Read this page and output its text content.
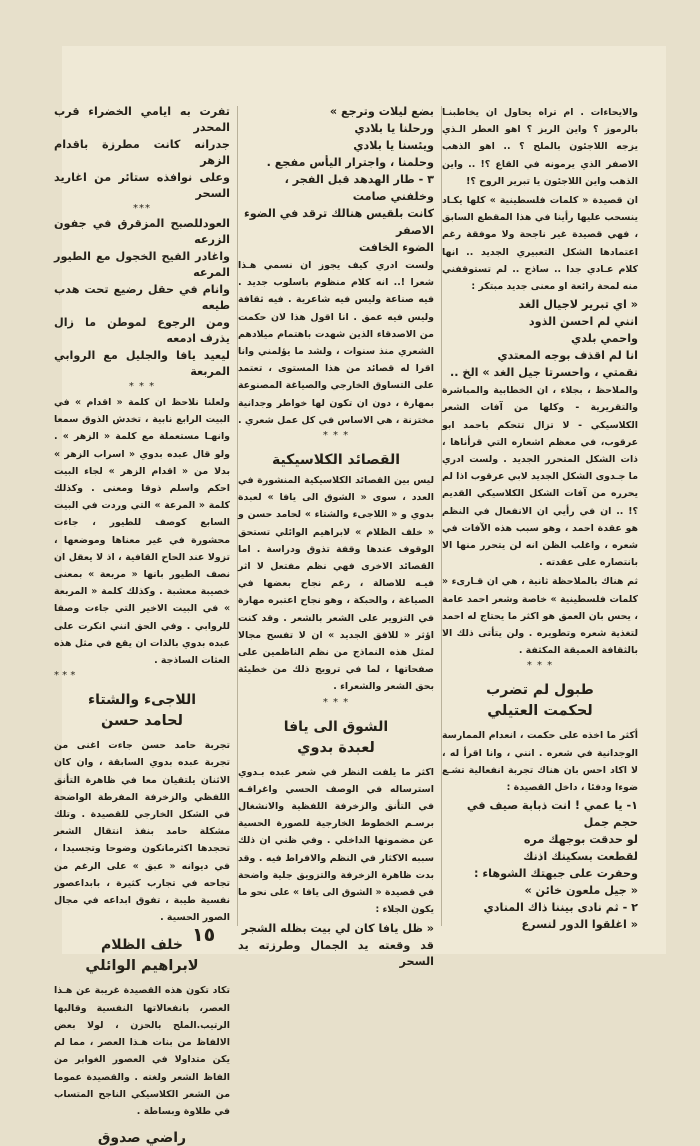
والايحاءات . ام تراه يحاول ان يخاطبنـا بالرموز ؟ واين الريز ؟ اهو العطر الـذي يزجه اللاجئون بالملح ؟ .. اهو الذهب الاصفر الذي يرمونه في القاع ؟! .. واين الذهب واين اللاجئون يا تبرير الروح ؟!

ان قصيدة « كلمات فلسطينية » كلها يكـاد ينسحب عليها رأينا في هذا المقطع السابق ، فهي قصيدة غير ناجحة ولا موفقة رغم اعتمادها الشكل التعبيري الجديد .. انها كلام عـادي جدا .. ساذج .. لم تستوقفني منه لمحة رائعة او معنى جديد مبتكر :

« اي تبرير لاجيال الغد
انني لم احسن الذود
واحمي بلدي
انا لم اقذف بوجه المعتدي
نقمتي ، واحسرتا جيل الغد » الخ ..

والملاحظ ، بجلاء ، ان الخطابية والمباشرة والتقريرية - وكلها من آفات الشعر الكلاسيكي - لا تزال تتحكم باحمد ابو عرقوب، في معظم اشعاره التي قرأناها ، ذات الشكل المتحرر الجديد . ولست ادري ما جـدوى الشكل الجديد لابي عرقوب اذا لم يحرره من آفات الشكل الكلاسيكي القديم ؟! .. ان في رأيي ان الانفعال في النظم هو عقدة احمد ، وهو سبب هذه الآفات في شعره ، واغلب الظن انه لن يتحرر منها الا بانتصاره على عقدته .

ثم هناك بالملاحظة ثانية ، هي ان قـارىء « كلمات فلسطينية » خاصة وشعر احمد عامة ، يحس بان العمق هو اكثر ما يحتاج له احمد لتغذية شعره وتطويره . ولن يتأتى ذلك الا بالثقافة العميقة المكثفة .

* * *
طبول لم تضرب
لحكمت العتيلي

أكثر ما اخذه على حكمت ، انعدام الممارسة الوجدانية في شعره . انني ، وانا اقرأ له ، لا اكاد احس بان هناك تجربة انفعالية تشـع ضوءا ودفئا ، داخل القصيدة :

١- يا عمي ! انت ذبابة صيف في
حجم جمل
لو حدقت بوجهك مره
لقطعت بسكينك اذنك
وحفرت على جبهتك الشوهاء :
« جيل ملعون خائن »
٢ - ثم نادى بيننا ذاك المنادي
« اغلقوا الدور لنسرع
بضع ليلات وترجع »
ورحلنا يا بلادي
ويئسنا يا بلادي
وحلمنا ، واجترار اليأس مفجع .
٣ - طار الهدهد قبل الفجر ،
وخلفني صامت
كانت بلقيس هنالك ترقد في الضوء
الاصفر
الضوء الخافت

ولست ادري كيف يجوز ان نسمي هـذا شعرا !.. انه كلام منظوم باسلوب جديد . فيه صناعة وليس فيه شاعرية . فيه ثقافة وليس فيه عمق . انا اقول هذا لان حكمت من الاصدقاء الذين شهدت باهتمام ميلادهم الشعري منذ سنوات ، ولشد ما يؤلمني وانا اقرا له قصائد من هذا المستوى ، تعتمد على التساوق الخارجي والصياغة المصنوعة بمهارة ، دون ان تكون لها خواطر وجدانية مختزنة ، هي الاساس في كل عمل شعري .

* * *
القصائد الكلاسيكية

ليس بين القصائد الكلاسيكية المنشورة في العدد ، سوى « الشوق الى يافا » لعبدة بدوي و « اللاجىء والشتاء » لحامد حسن و « خلف الظلام » لابراهيم الوائلي تستحق الوقوف عندها وقفة تذوق ودراسة . اما القصائد الاخرى فهي نظم مفتعل لا اثر فيـه للاصالة ، رغم نجاح بعضها في الصياغة ، والحبكة ، وهو نجاح اعتبره مهارة في التزوير على الشعر بالشعر . وقد كنت اؤثر « للافق الجديد » ان لا تفسح مجالا لمثل هذه النماذج من نظم الناظمين على صفحاتها ، لما في ترويج ذلك من خطيئة بحق الشعر والشعراء .

* * *
الشوق الى يافا
لعبدة بدوي

اكثر ما يلفت النظر في شعر عبده بـدوي استرساله في الوصف الحسي واغراقـه في التأنق والزخرفة اللفظية والانشغال برسـم الخطوط الخارجية للصورة الحسية عن مضمونها الداخلي . وفي ظني ان ذلك سببه الاكثار في النظم والافراط فيه . وقد بدت ظاهرة الزخرفة والتزويق جلية واضحة في قصيدة « الشوق الى يافا » على نحو ما يكون الجلاء :

« ظل يافا كان لي بيت بظله الشجر
قد وقعته يد الجمال وطرزته يد السحر
تفرت به ايامي الخضراء قرب المحدر
جدرانه كانت مطرزة باقدام الزهر
وعلى نوافذه ستائر من اغاريد السحر
***
العودللصبح المزقرق في جفون الزرعه
واغادر الفيح الخجول مع الطيور المرعه
وانام في حقل رضيع تحت هدب طيعه
ومن الرجوع لموطن ما زال يذرف ادمعه
ليعيد يافا والجليل مع الروابي المربعة
* * *

ولعلنا نلاحظ ان كلمة « اقدام » في البيت الرابع نابية ، تخدش الذوق سمعا وانهـا مستعملة مع كلمة « الزهر » . ولو قال عبده بدوي « اسراب الزهر » بدلا من « اقدام الزهر » لجاء البيت احكم واسلم ذوقا ومعنى . وكذلك كلمة « المرعة » التي وردت في البيت السابع كوصف للطيور ، جاءت محشورة في غير معناها وموضعها ، تزولا عند الحاح القافية ، اذ لا يعقل ان نصف الطيور بانها « مربعة » بمعنى خصيبة معشبة . وكذلك كلمة « المربعة » في البيت الاخير التي جاءت وصفا للروابي . وفي الحق انني انكرت على عبده بدوي بالذات ان يقع في مثل هذه العثات الساذجة .

* * *
اللاجىء والشتاء
لحامد حسن

تجربة حامد حسن جاءت اغنى من تجربة عبده بدوي السابقة ، وان كان الاثنان يلتقيان معا في ظاهرة التأنق اللفظي والزخرفة المفرطة الواضحة في الشكل الخارجي للقصيدة . وتلك مشكلة حامد بنفذ انتقال الشعر تحجدها اكثرمانكون وضوحا وتجسيدا ، في ديوانه « عبق » على الرغم من تجاحه في تجارب كثيرة ، بابداعصور نفسية طيبة ، تفوق ابداعه في مجال الصور الحسية .

خلف الظلام
لابراهيم الوائلي

تكاد تكون هذه القصيدة غريبة عن هـذا العصر، بانفعالاتها النفسية وقالبها الرتيب.الملح بالحزن ، لولا بعض الالفاظ من بنات هـذا العصر ، مما لم يكن متداولا في العصور الغوابر من الفاظ الشعر ولغته . والقصيدة عموما من الشعر الكلاسيكي الناجح المتساب في طلاوة وبساطة .

راضي صدوق
١٥
